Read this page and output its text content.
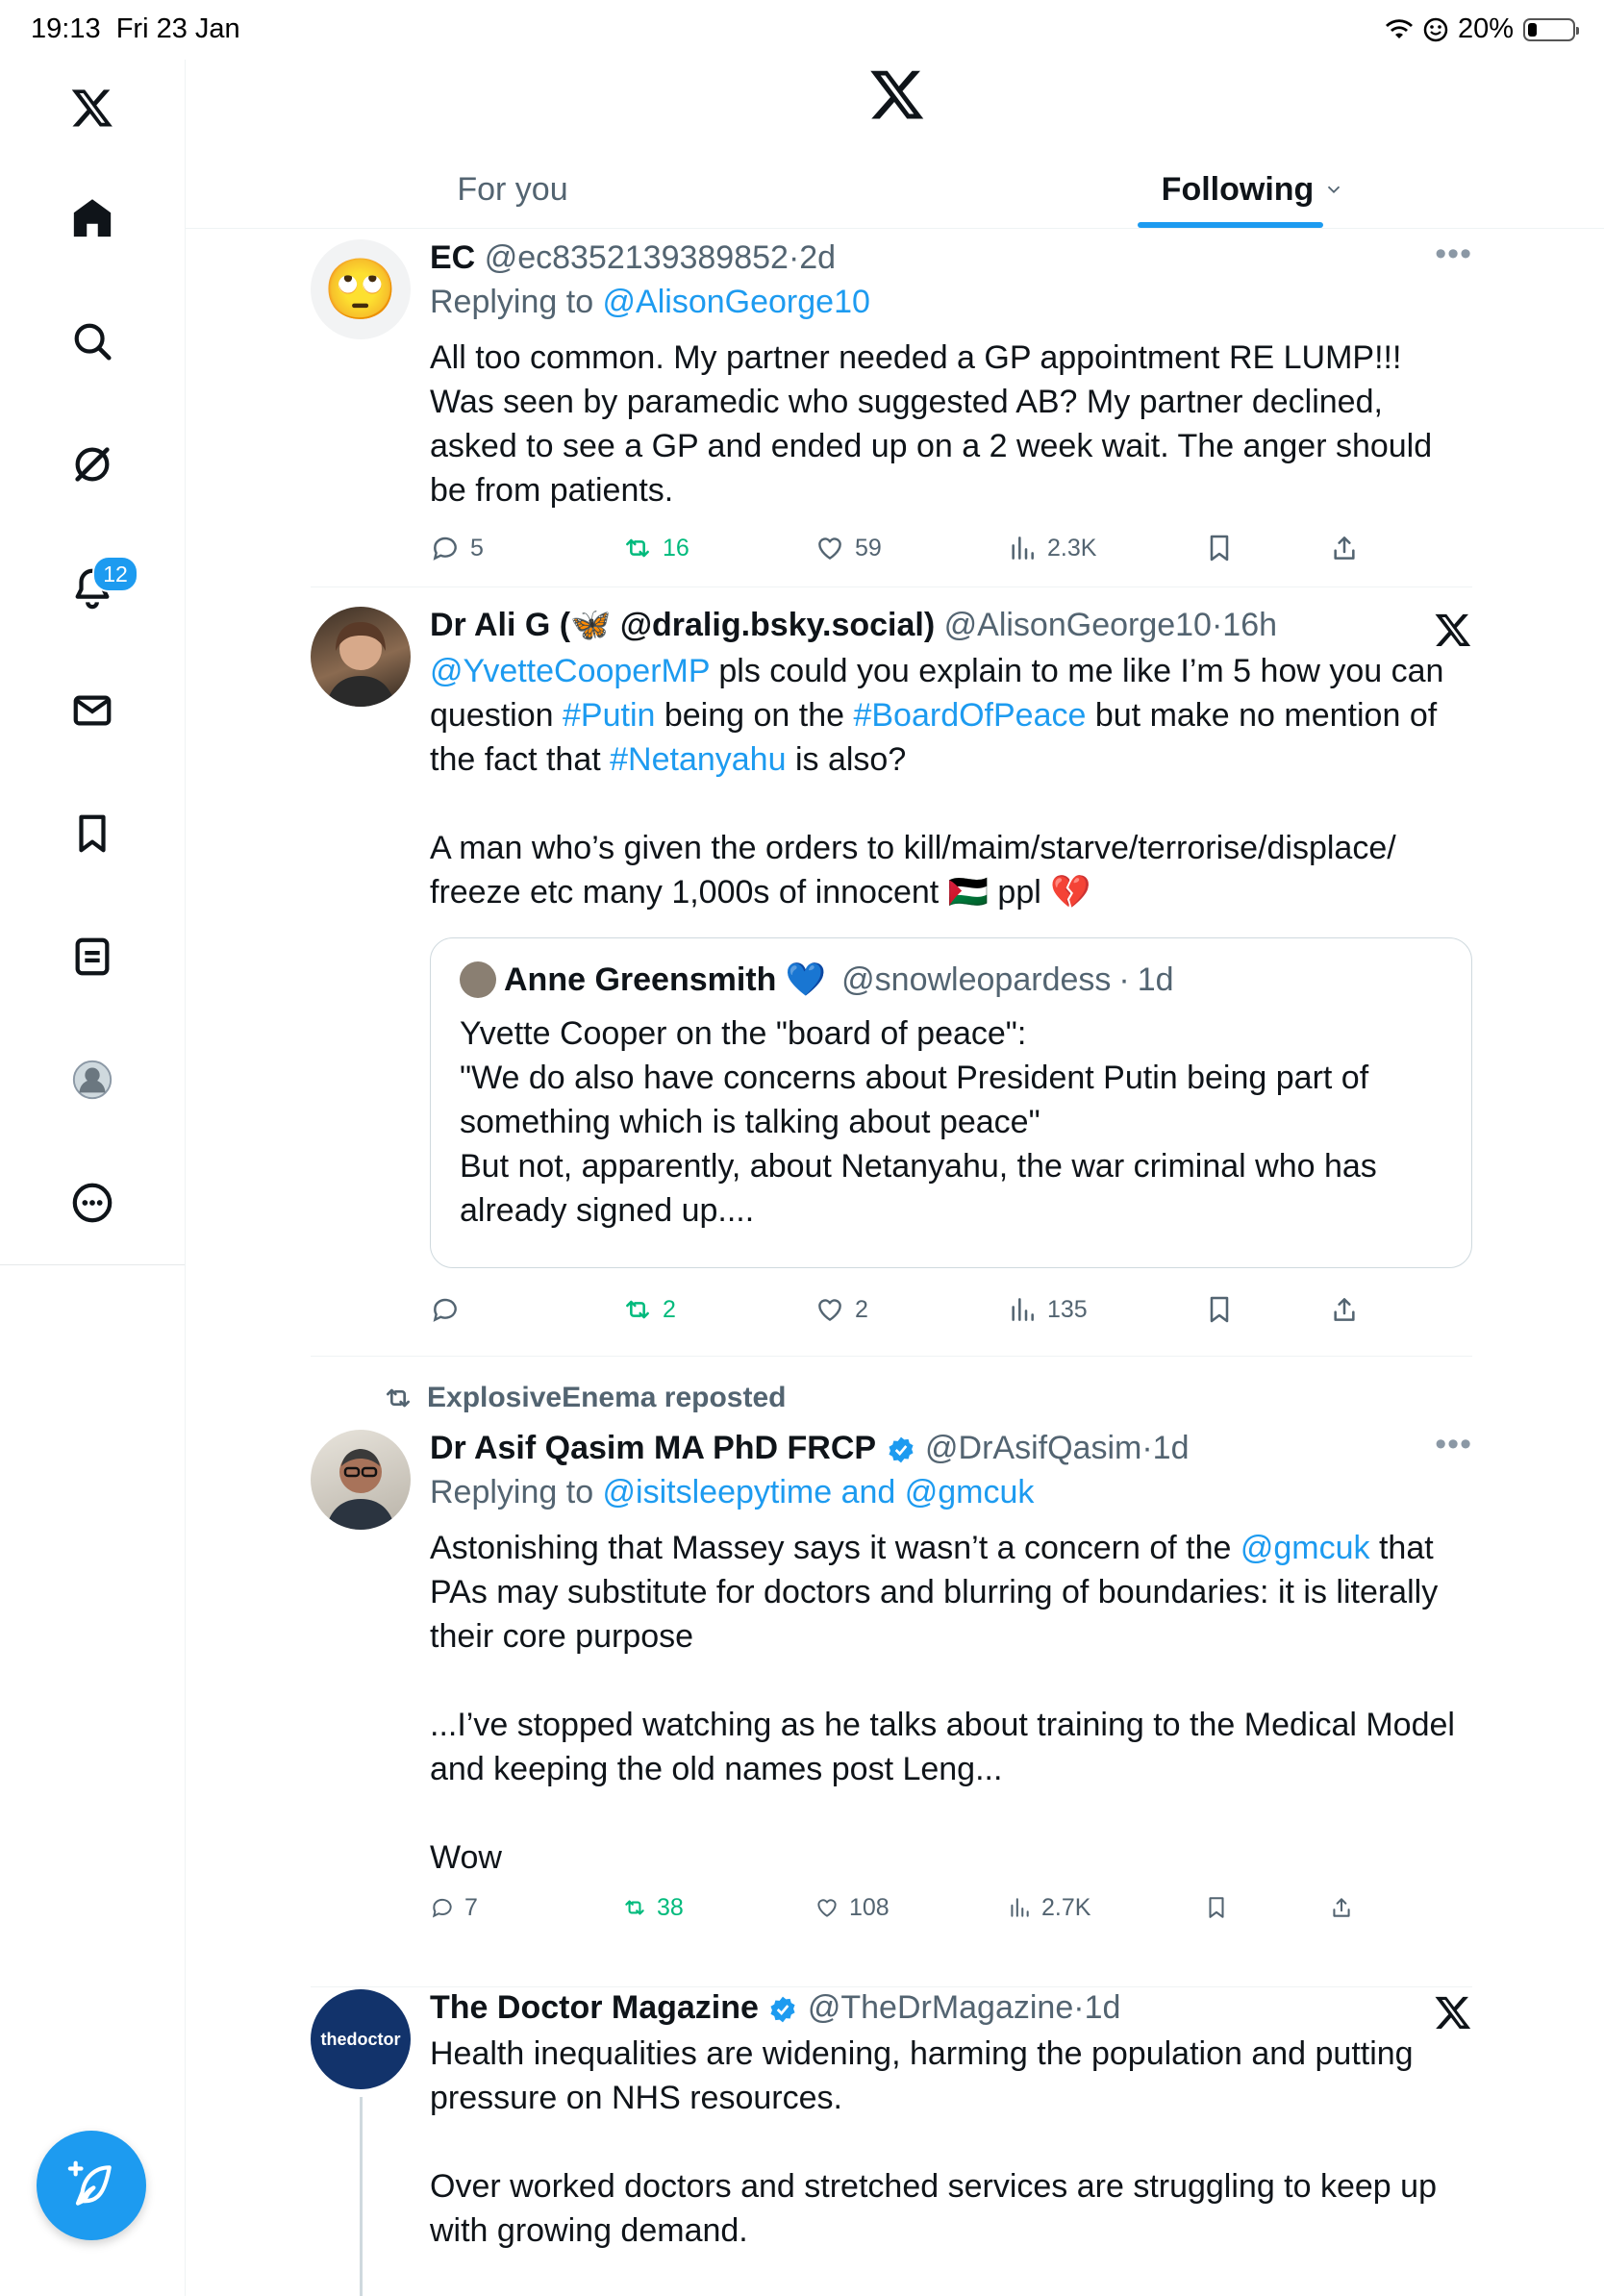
19:13 Fri 23 Jan	20%
12
For you	Following
🙄 EC @ec8352139389852·2d	•••
Replying to @AlisonGeorge10
All too common. My partner needed a GP appointment RE LUMP!!! Was seen by paramedic who suggested AB? My partner declined, asked to see a GP and ended up on a 2 week wait. The anger should be from patients.
5	16	59	2.3K
Dr Ali G (🦋 @dralig.bsky.social) @AlisonGeorge10·16h

@YvetteCooperMP pls could you explain to me like I’m 5 how you can question #Putin being on the #BoardOfPeace but make no mention of the fact that #Netanyahu is also?

A man who’s given the orders to kill/maim/starve/terrorise/displace/ freeze etc many 1,000s of innocent 🇵🇸 ppl 💔

Anne Greensmith 💙 @snowleopardess · 1d

Yvette Cooper on the "board of peace":

"We do also have concerns about President Putin being part of something which is talking about peace"

But not, apparently, about Netanyahu, the war criminal who has already signed up....

2	2	135
ExplosiveEnema reposted
Dr Asif Qasim MA PhD FRCP @DrAsifQasim·1d	•••
Replying to @isitsleepytime and @gmcuk

Astonishing that Massey says it wasn’t a concern of the @gmcuk that PAs may substitute for doctors and blurring of boundaries: it is literally their core purpose

...I’ve stopped watching as he talks about training to the Medical Model and keeping the old names post Leng...

Wow

7	38	108	2.7K
thedoctor
The Doctor Magazine @TheDrMagazine·1d

Health inequalities are widening, harming the population and putting pressure on NHS resources.

Over worked doctors and stretched services are struggling to keep up with growing demand.
